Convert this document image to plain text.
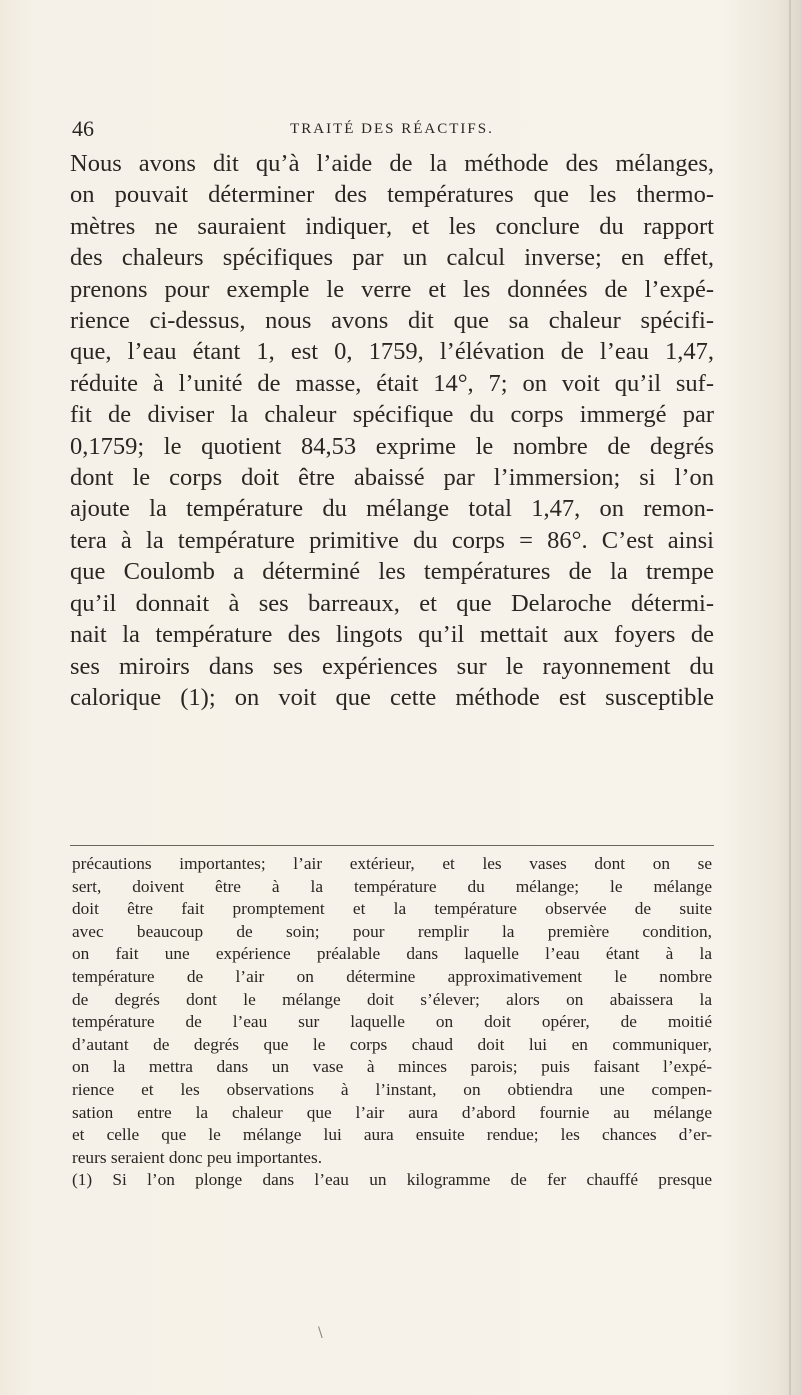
46	TRAITÉ DES RÉACTIFS.

Nous avons dit qu’à l’aide de la méthode des mélanges,

on pouvait déterminer des températures que les thermo-

mètres ne sauraient indiquer, et les conclure du rapport

des chaleurs spécifiques par un calcul inverse; en effet,

prenons pour exemple le verre et les données de l’expé-

rience ci-dessus, nous avons dit que sa chaleur spécifi-

que, l’eau étant 1, est 0, 1759, l’élévation de l’eau 1,47,

réduite à l’unité de masse, était 14°, 7; on voit qu’il suf-

fit de diviser la chaleur spécifique du corps immergé par

0,1759; le quotient 84,53 exprime le nombre de degrés

dont le corps doit être abaissé par l’immersion; si l’on

ajoute la température du mélange total 1,47, on remon-

tera à la température primitive du corps = 86°. C’est ainsi

que Coulomb a déterminé les températures de la trempe

qu’il donnait à ses barreaux, et que Delaroche détermi-

nait la température des lingots qu’il mettait aux foyers de

ses miroirs dans ses expériences sur le rayonnement du

calorique (1); on voit que cette méthode est susceptible

précautions importantes; l’air extérieur, et les vases dont on se

sert, doivent être à la température du mélange; le mélange

doit être fait promptement et la température observée de suite

avec beaucoup de soin; pour remplir la première condition,

on fait une expérience préalable dans laquelle l’eau étant à la

température de l’air on détermine approximativement le nombre

de degrés dont le mélange doit s’élever; alors on abaissera la

température de l’eau sur laquelle on doit opérer, de moitié

d’autant de degrés que le corps chaud doit lui en communiquer,

on la mettra dans un vase à minces parois; puis faisant l’expé-

rience et les observations à l’instant, on obtiendra une compen-

sation entre la chaleur que l’air aura d’abord fournie au mélange

et celle que le mélange lui aura ensuite rendue; les chances d’er-

reurs seraient donc peu importantes.

(1) Si l’on plonge dans l’eau un kilogramme de fer chauffé presque

\
